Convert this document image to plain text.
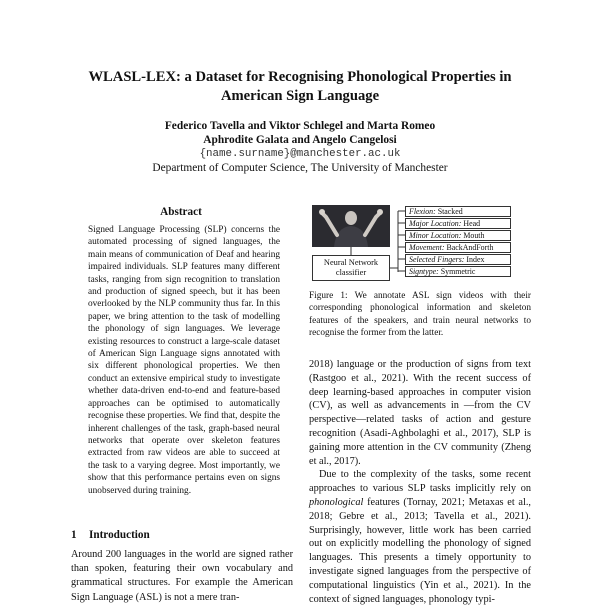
WLASL-LEX: a Dataset for Recognising Phonological Properties in
American Sign Language
Federico Tavella and Viktor Schlegel and Marta Romeo
Aphrodite Galata and Angelo Cangelosi
{name.surname}@manchester.ac.uk
Department of Computer Science, The University of Manchester
Abstract
Signed Language Processing (SLP) concerns the automated processing of signed languages, the main means of communication of Deaf and hearing impaired individuals. SLP features many different tasks, ranging from sign recognition to translation and production of signed speech, but it has been overlooked by the NLP community thus far. In this paper, we bring attention to the task of modelling the phonology of sign languages. We leverage existing resources to construct a large-scale dataset of American Sign Language signs annotated with six different phonological properties. We then conduct an extensive empirical study to investigate whether data-driven end-to-end and feature-based approaches can be optimised to automatically recognise these properties. We find that, despite the inherent challenges of the task, graph-based neural networks that operate over skeleton features extracted from raw videos are able to succeed at the task to a varying degree. Most importantly, we show that this performance pertains even on signs unobserved during training.
1 Introduction
Around 200 languages in the world are signed rather than spoken, featuring their own vocabulary and grammatical structures. For example the American Sign Language (ASL) is not a mere tran-
Neural Network
classifier
Flexion: Stacked
Major Location: Head
Minor Location: Mouth
Movement: BackAndForth
Selected Fingers: Index
Signtype: Symmetric
Figure 1: We annotate ASL sign videos with their corresponding phonological information and skeleton features of the speakers, and train neural networks to recognise the former from the latter.

2018) language or the production of signs from text (Rastgoo et al., 2021). With the recent success of deep learning-based approaches in computer vision (CV), as well as advancements in —from the CV perspective—related tasks of action and gesture recognition (Asadi-Aghbolaghi et al., 2017), SLP is gaining more attention in the CV community (Zheng et al., 2017).

Due to the complexity of the tasks, some recent approaches to various SLP tasks implicitly rely on phonological features (Tornay, 2021; Metaxas et al., 2018; Gebre et al., 2013; Tavella et al., 2021). Surprisingly, however, little work has been carried out on explicitly modelling the phonology of signed languages. This presents a timely opportunity to investigate signed languages from the perspective of computational linguistics (Yin et al., 2021). In the context of signed languages, phonology typi-
